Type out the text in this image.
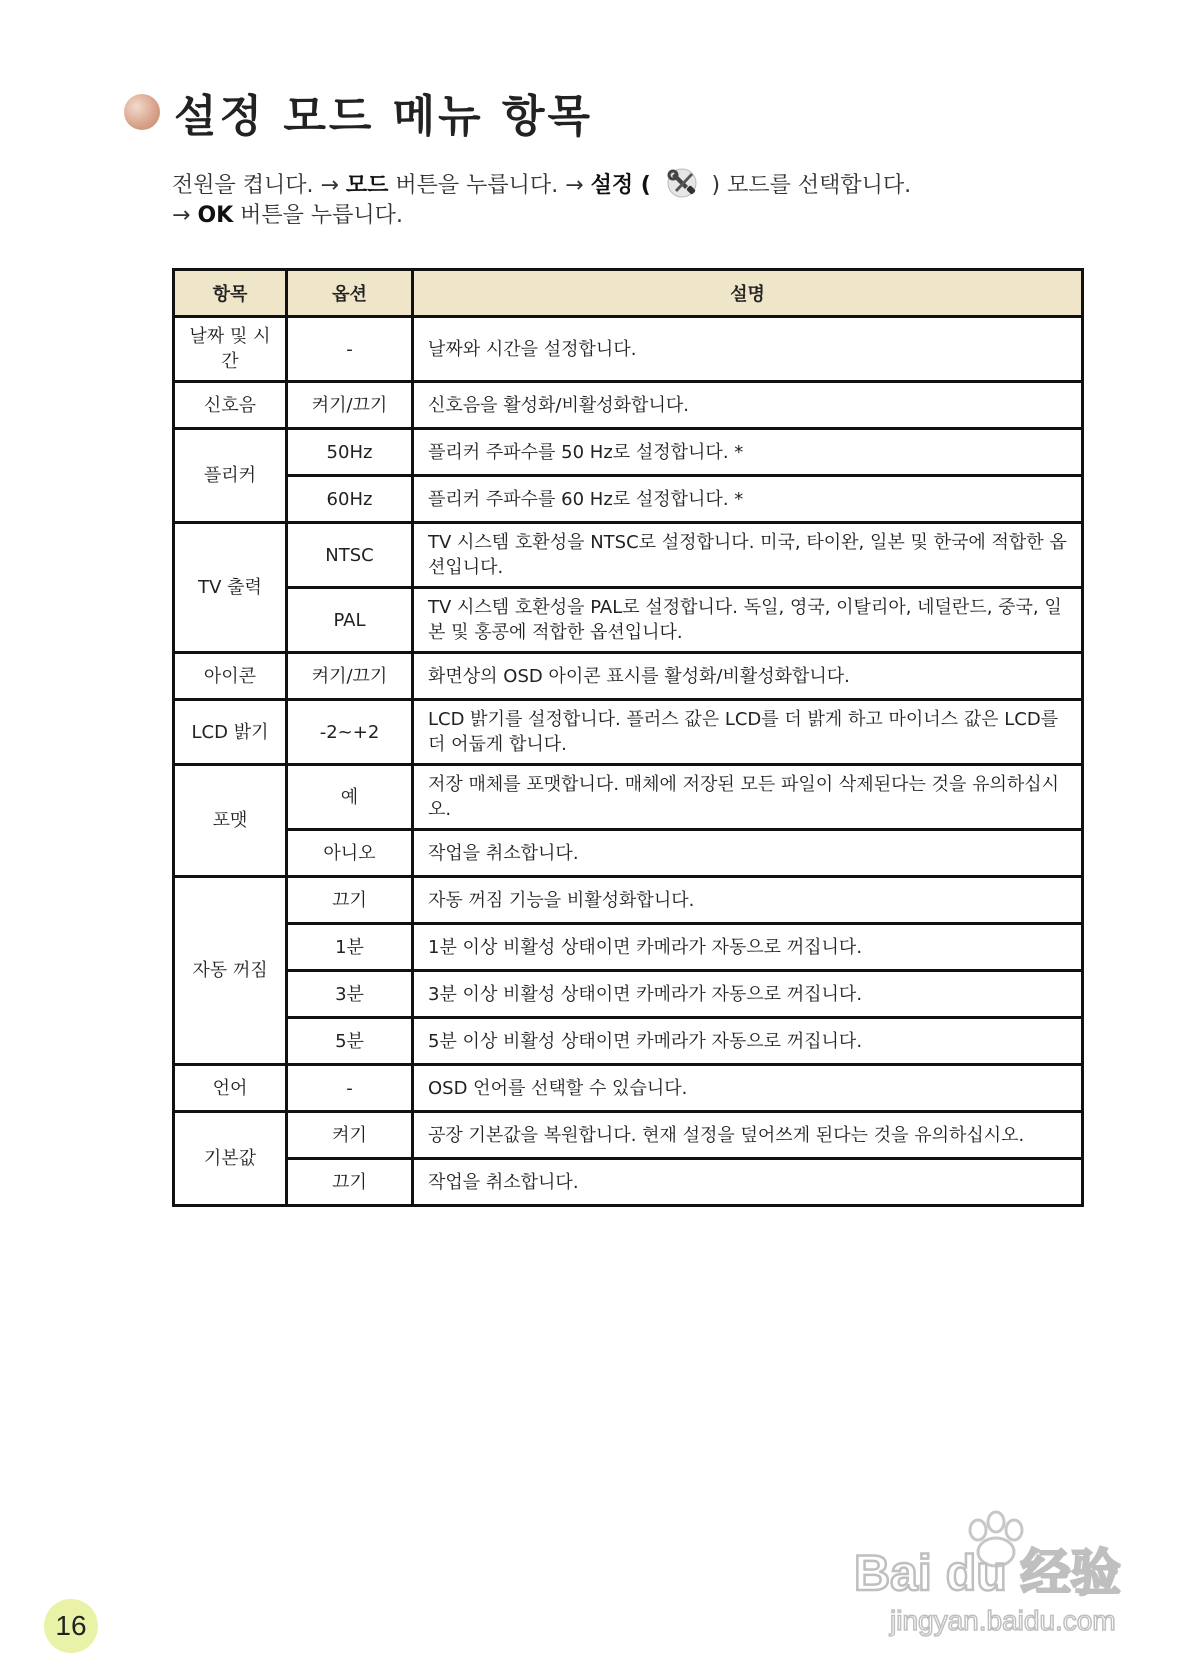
설정 모드 메뉴 항목
전원을 켭니다. → 모드 버튼을 누릅니다. → 설정 (  ) 모드를 선택합니다.
→ OK 버튼을 누릅니다.
항목	옵션	설명
날짜 및 시간	-	날짜와 시간을 설정합니다.
신호음	켜기/끄기	신호음을 활성화/비활성화합니다.
플리커	50Hz	플리커 주파수를 50 Hz로 설정합니다. *
	60Hz	플리커 주파수를 60 Hz로 설정합니다. *
TV 출력	NTSC	TV 시스템 호환성을 NTSC로 설정합니다. 미국, 타이완, 일본 및 한국에 적합한 옵션입니다.
	PAL	TV 시스템 호환성을 PAL로 설정합니다. 독일, 영국, 이탈리아, 네덜란드, 중국, 일본 및 홍콩에 적합한 옵션입니다.
아이콘	켜기/끄기	화면상의 OSD 아이콘 표시를 활성화/비활성화합니다.
LCD 밝기	-2~+2	LCD 밝기를 설정합니다. 플러스 값은 LCD를 더 밝게 하고 마이너스 값은 LCD를 더 어둡게 합니다.
포맷	예	저장 매체를 포맷합니다. 매체에 저장된 모든 파일이 삭제된다는 것을 유의하십시오.
	아니오	작업을 취소합니다.
자동 꺼짐	끄기	자동 꺼짐 기능을 비활성화합니다.
	1분	1분 이상 비활성 상태이면 카메라가 자동으로 꺼집니다.
	3분	3분 이상 비활성 상태이면 카메라가 자동으로 꺼집니다.
	5분	5분 이상 비활성 상태이면 카메라가 자동으로 꺼집니다.
언어	-	OSD 언어를 선택할 수 있습니다.
기본값	켜기	공장 기본값을 복원합니다. 현재 설정을 덮어쓰게 된다는 것을 유의하십시오.
	끄기	작업을 취소합니다.
16
Bai du 经验
jingyan.baidu.com
